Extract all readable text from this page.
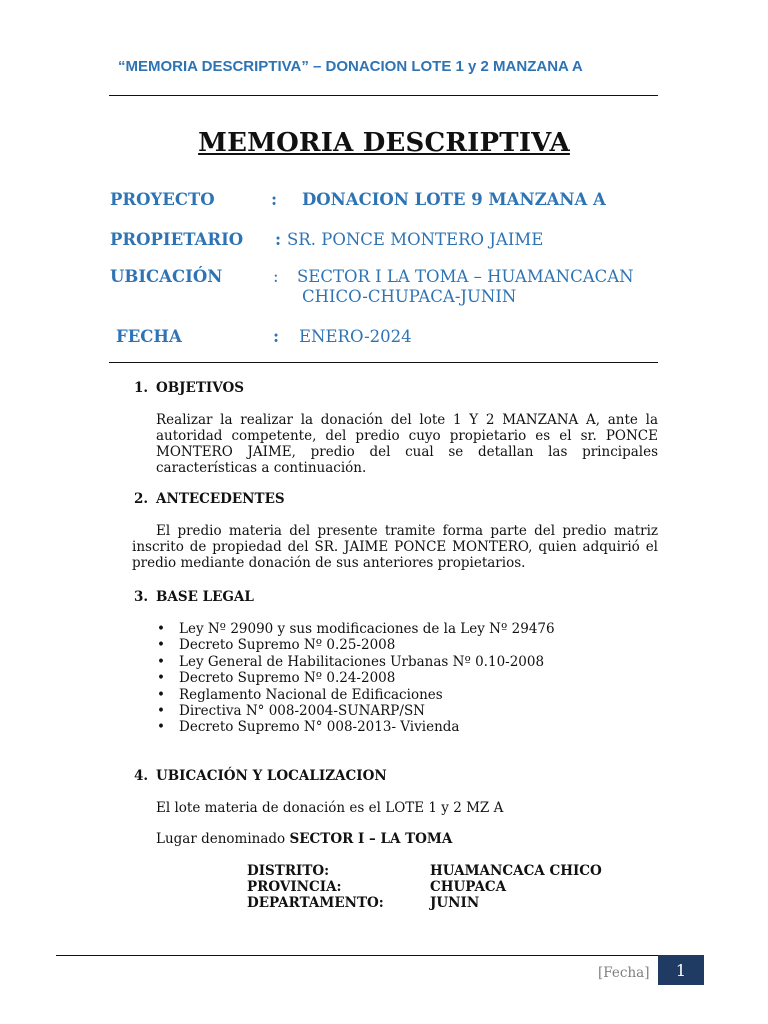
“MEMORIA DESCRIPTIVA” – DONACION LOTE 1 y 2 MANZANA A
MEMORIA DESCRIPTIVA
PROYECTO	: DONACION LOTE 9 MANZANA A
PROPIETARIO : SR. PONCE MONTERO JAIME
UBICACIÓN	: SECTOR I LA TOMA – HUAMANCACAN
CHICO-CHUPACA-JUNIN
FECHA	: ENERO-2024
1. OBJETIVOS
Realizar la realizar la donación del lote 1 Y 2 MANZANA A, ante la autoridad competente, del predio cuyo propietario es el sr. PONCE MONTERO JAIME, predio del cual se detallan las principales características a continuación.
2. ANTECEDENTES
El predio materia del presente tramite forma parte del predio matriz inscrito de propiedad del SR. JAIME PONCE MONTERO, quien adquirió el predio mediante donación de sus anteriores propietarios.
3. BASE LEGAL
• Ley Nº 29090 y sus modificaciones de la Ley Nº 29476
• Decreto Supremo Nº 0.25-2008
• Ley General de Habilitaciones Urbanas Nº 0.10-2008
• Decreto Supremo Nº 0.24-2008
• Reglamento Nacional de Edificaciones
• Directiva N° 008-2004-SUNARP/SN
• Decreto Supremo N° 008-2013- Vivienda
4. UBICACIÓN Y LOCALIZACION
El lote materia de donación es el LOTE 1 y 2 MZ A
Lugar denominado SECTOR I – LA TOMA
DISTRITO:	HUAMANCACA CHICO
PROVINCIA:	CHUPACA
DEPARTAMENTO:	JUNIN
[Fecha]	1
